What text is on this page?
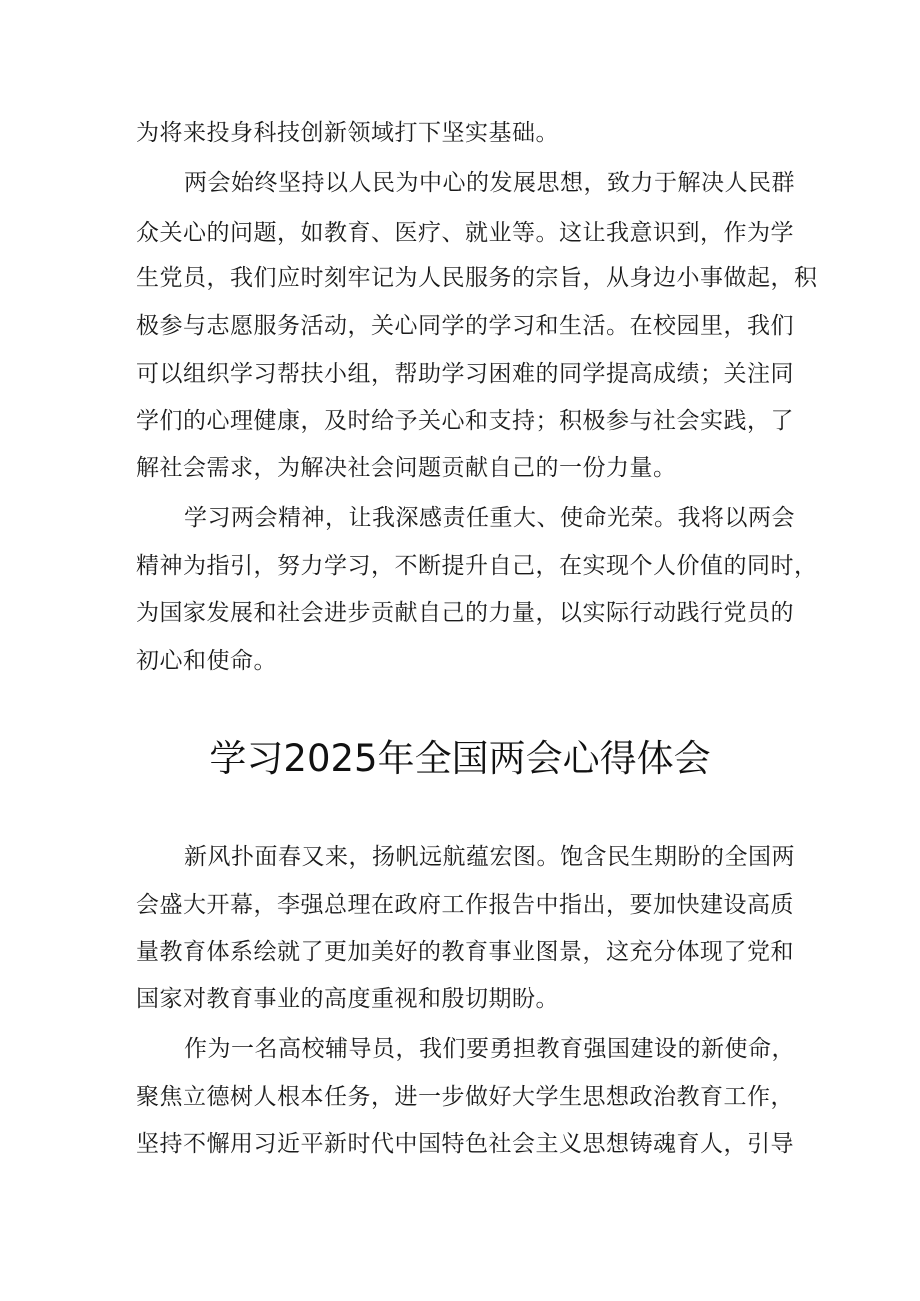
为将来投身科技创新领域打下坚实基础。
两会始终坚持以人民为中心的发展思想，致力于解决人民群
众关心的问题，如教育、医疗、就业等。这让我意识到，作为学
生党员，我们应时刻牢记为人民服务的宗旨，从身边小事做起，积
极参与志愿服务活动，关心同学的学习和生活。在校园里，我们
可以组织学习帮扶小组，帮助学习困难的同学提高成绩；关注同
学们的心理健康，及时给予关心和支持；积极参与社会实践，了
解社会需求，为解决社会问题贡献自己的一份力量。
学习两会精神，让我深感责任重大、使命光荣。我将以两会
精神为指引，努力学习，不断提升自己，在实现个人价值的同时，
为国家发展和社会进步贡献自己的力量，以实际行动践行党员的
初心和使命。
学习2025年全国两会心得体会
新风扑面春又来，扬帆远航蕴宏图。饱含民生期盼的全国两
会盛大开幕，李强总理在政府工作报告中指出，要加快建设高质
量教育体系绘就了更加美好的教育事业图景，这充分体现了党和
国家对教育事业的高度重视和殷切期盼。
作为一名高校辅导员，我们要勇担教育强国建设的新使命，
聚焦立德树人根本任务，进一步做好大学生思想政治教育工作，
坚持不懈用习近平新时代中国特色社会主义思想铸魂育人，引导
